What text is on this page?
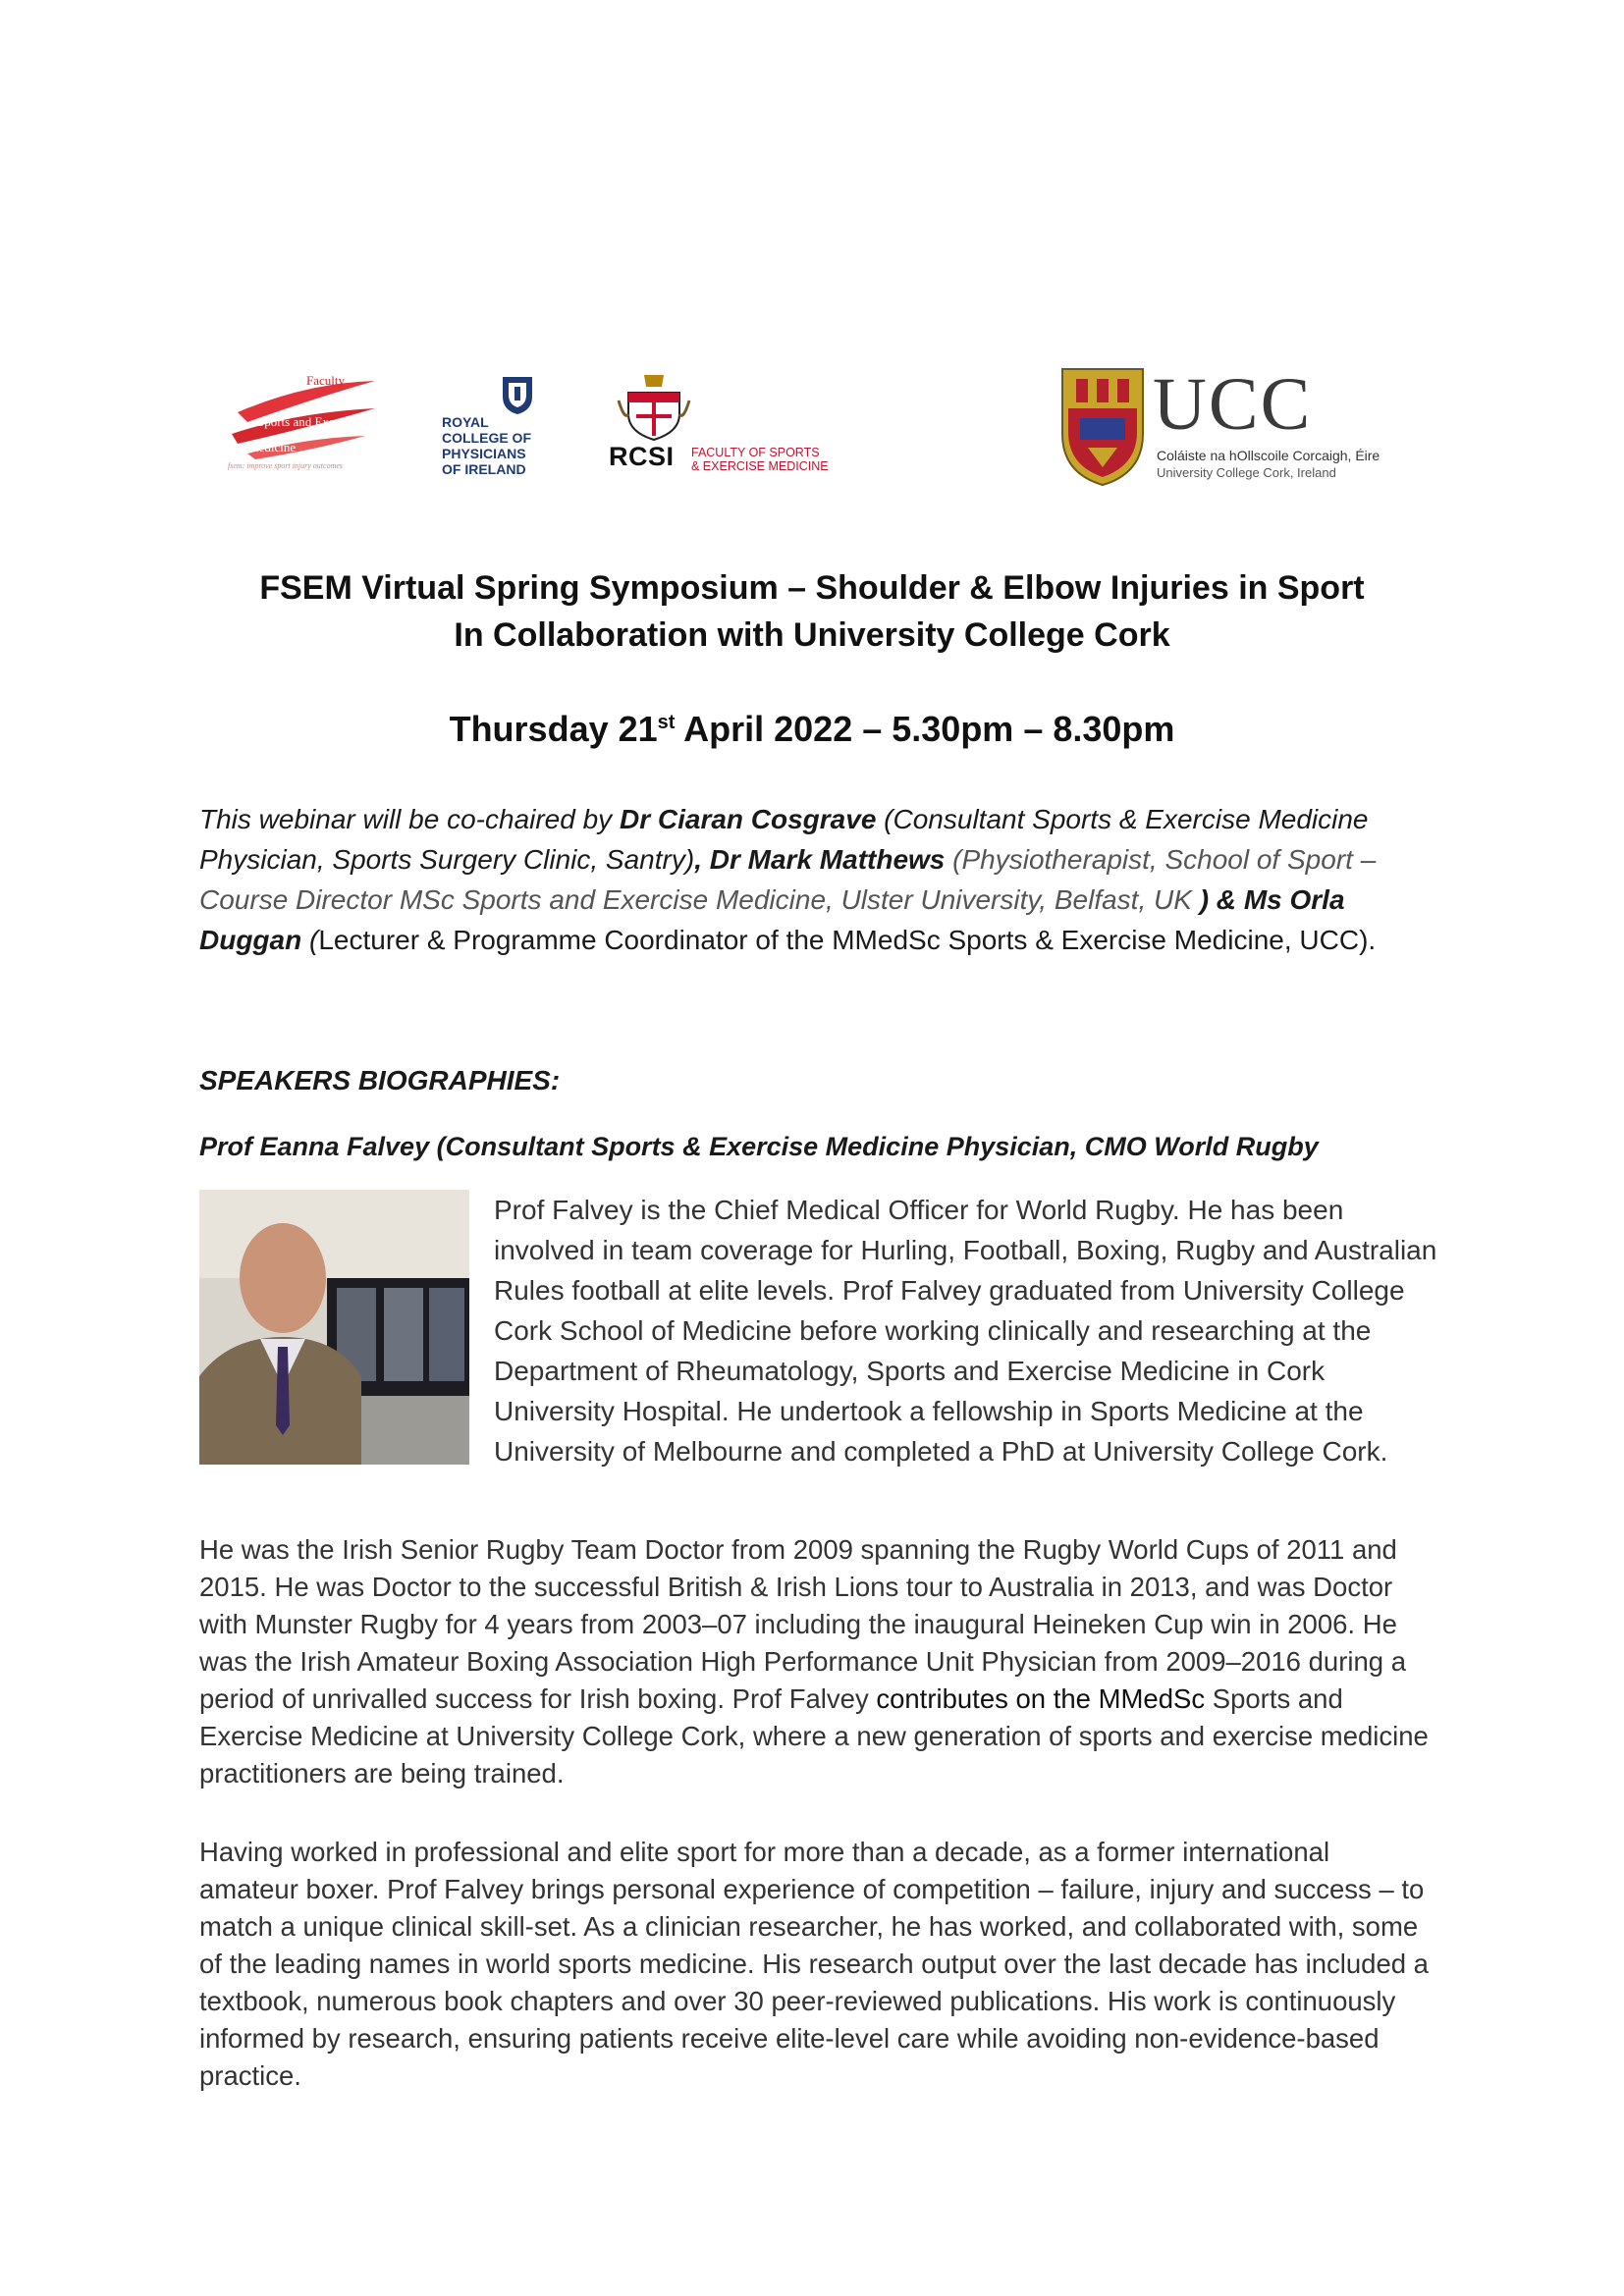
Faculty
Sports and Exercise
Medicine
fsem: improve sport injury outcomes
ROYAL
COLLEGE OF
PHYSICIANS
OF IRELAND	RCSI FACULTY OF SPORTS
& EXERCISE MEDICINE
UCC
Coláiste na hOllscoile Corcaigh, Éire
University College Cork, Ireland
FSEM Virtual Spring Symposium – Shoulder & Elbow Injuries in Sport
In Collaboration with University College Cork
Thursday 21st April 2022 – 5.30pm – 8.30pm
This webinar will be co-chaired by Dr Ciaran Cosgrave (Consultant Sports & Exercise Medicine Physician, Sports Surgery Clinic, Santry), Dr Mark Matthews (Physiotherapist, School of Sport – Course Director MSc Sports and Exercise Medicine, Ulster University, Belfast, UK ) & Ms Orla Duggan (Lecturer & Programme Coordinator of the MMedSc Sports & Exercise Medicine, UCC).
SPEAKERS BIOGRAPHIES:
Prof Eanna Falvey (Consultant Sports & Exercise Medicine Physician, CMO World Rugby
Prof Falvey is the Chief Medical Officer for World Rugby. He has been involved in team coverage for Hurling, Football, Boxing, Rugby and Australian Rules football at elite levels. Prof Falvey graduated from University College Cork School of Medicine before working clinically and researching at the Department of Rheumatology, Sports and Exercise Medicine in Cork University Hospital. He undertook a fellowship in Sports Medicine at the University of Melbourne and completed a PhD at University College Cork.
He was the Irish Senior Rugby Team Doctor from 2009 spanning the Rugby World Cups of 2011 and 2015. He was Doctor to the successful British & Irish Lions tour to Australia in 2013, and was Doctor with Munster Rugby for 4 years from 2003–07 including the inaugural Heineken Cup win in 2006. He was the Irish Amateur Boxing Association High Performance Unit Physician from 2009–2016 during a period of unrivalled success for Irish boxing. Prof Falvey contributes on the MMedSc Sports and Exercise Medicine at University College Cork, where a new generation of sports and exercise medicine practitioners are being trained.
Having worked in professional and elite sport for more than a decade, as a former international amateur boxer. Prof Falvey brings personal experience of competition – failure, injury and success – to match a unique clinical skill-set. As a clinician researcher, he has worked, and collaborated with, some of the leading names in world sports medicine. His research output over the last decade has included a textbook, numerous book chapters and over 30 peer-reviewed publications. His work is continuously informed by research, ensuring patients receive elite-level care while avoiding non-evidence-based practice.
